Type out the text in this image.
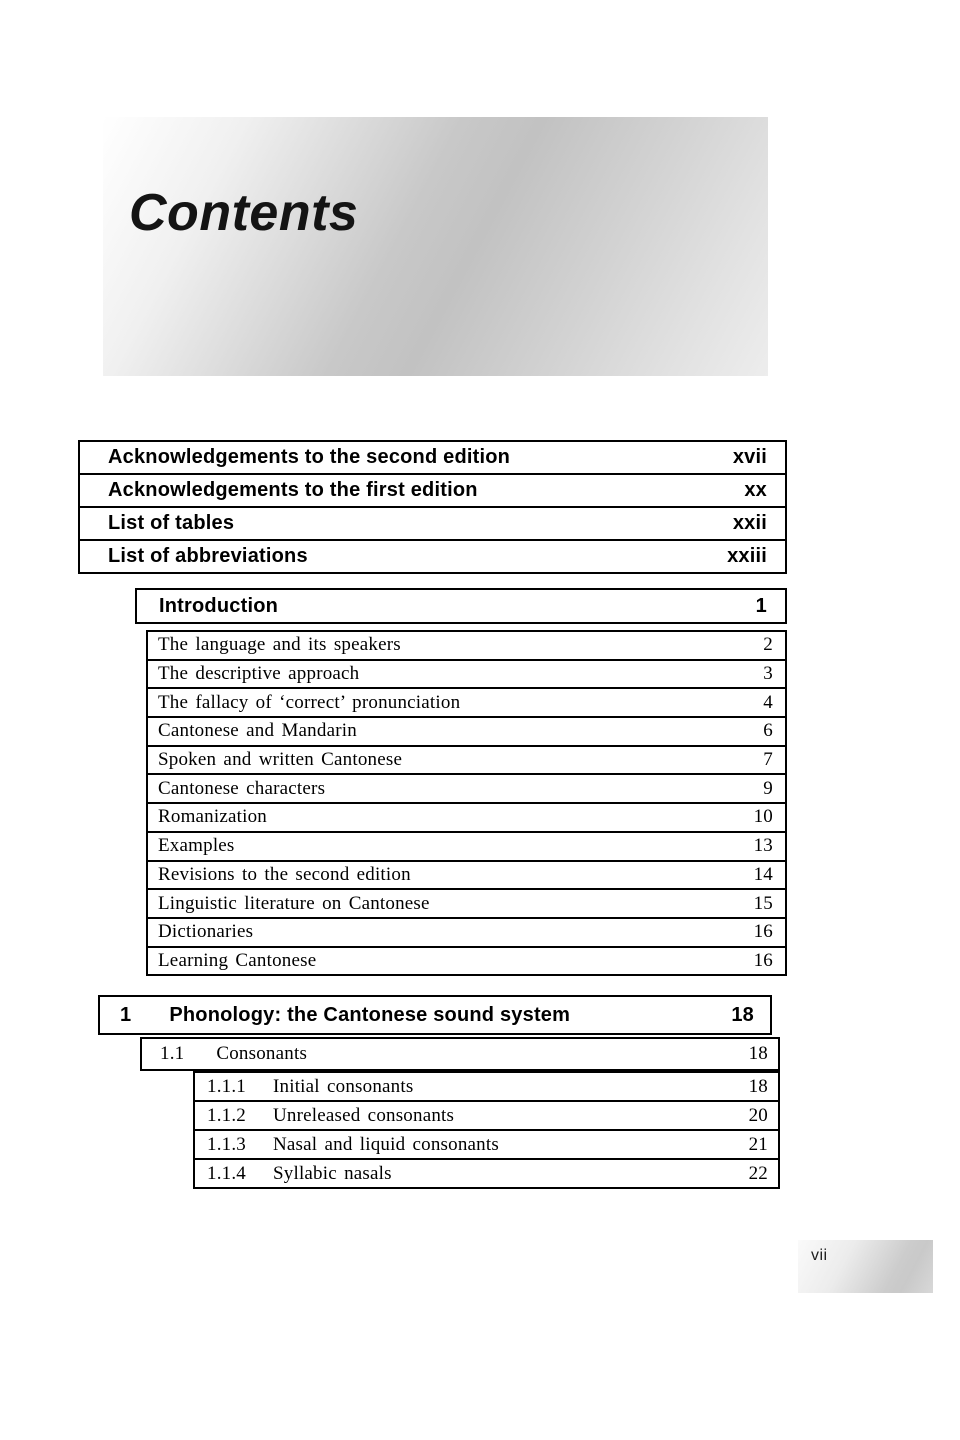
Contents
Acknowledgements to the second edition	xvii
Acknowledgements to the first edition	xx
List of tables	xxii
List of abbreviations	xxiii
Introduction	1
The language and its speakers	2
The descriptive approach	3
The fallacy of ‘correct’ pronunciation	4
Cantonese and Mandarin	6
Spoken and written Cantonese	7
Cantonese characters	9
Romanization	10
Examples	13
Revisions to the second edition	14
Linguistic literature on Cantonese	15
Dictionaries	16
Learning Cantonese	16
1 Phonology: the Cantonese sound system	18
1.1 Consonants	18
1.1.1	Initial consonants	18
1.1.2	Unreleased consonants	20
1.1.3	Nasal and liquid consonants	21
1.1.4	Syllabic nasals	22
vii
